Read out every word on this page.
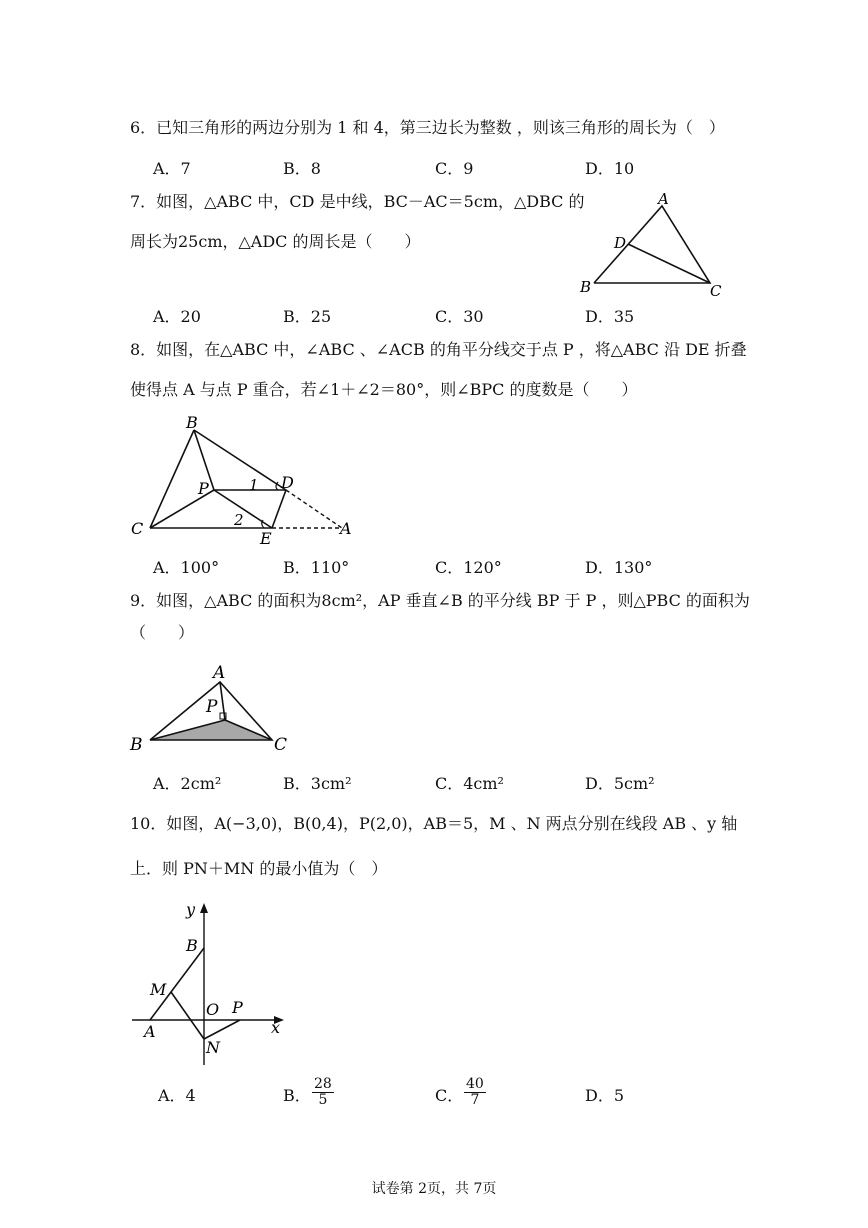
6．已知三角形的两边分别为 1 和 4，第三边长为整数 ，则该三角形的周长为（　）
A．7	B．8	C．9	D．10
7．如图，△ABC 中，CD 是中线，BC－AC＝5cm，△DBC 的
周长为25cm，△ADC 的周长是（　　）
A
D
B	C
A．20	B．25	C．30	D．35
8．如图，在△ABC 中，∠ABC 、∠ACB 的角平分线交于点 P ，将△ABC 沿 DE 折叠
使得点 A 与点 P 重合，若∠1＋∠2＝80°，则∠BPC 的度数是（　　）
B
P	D
C
E
A
1
2
A．100°	B．110°	C．120°	D．130°
9．如图，△ABC 的面积为8cm²，AP 垂直∠B 的平分线 BP 于 P ，则△PBC 的面积为
（　　）
A
P
B	C
A．2cm²	B．3cm²	C．4cm²	D．5cm²
10．如图，A(−3,0)，B(0,4)，P(2,0)，AB＝5，M 、N 两点分别在线段 AB 、y 轴
上．则 PN＋MN 的最小值为（　）
y
x
B
M
O P
A
N
A．4	B． $\frac{28}{5}$	C． $\frac{40}{7}$	D．5
试卷第 2页，共 7页
